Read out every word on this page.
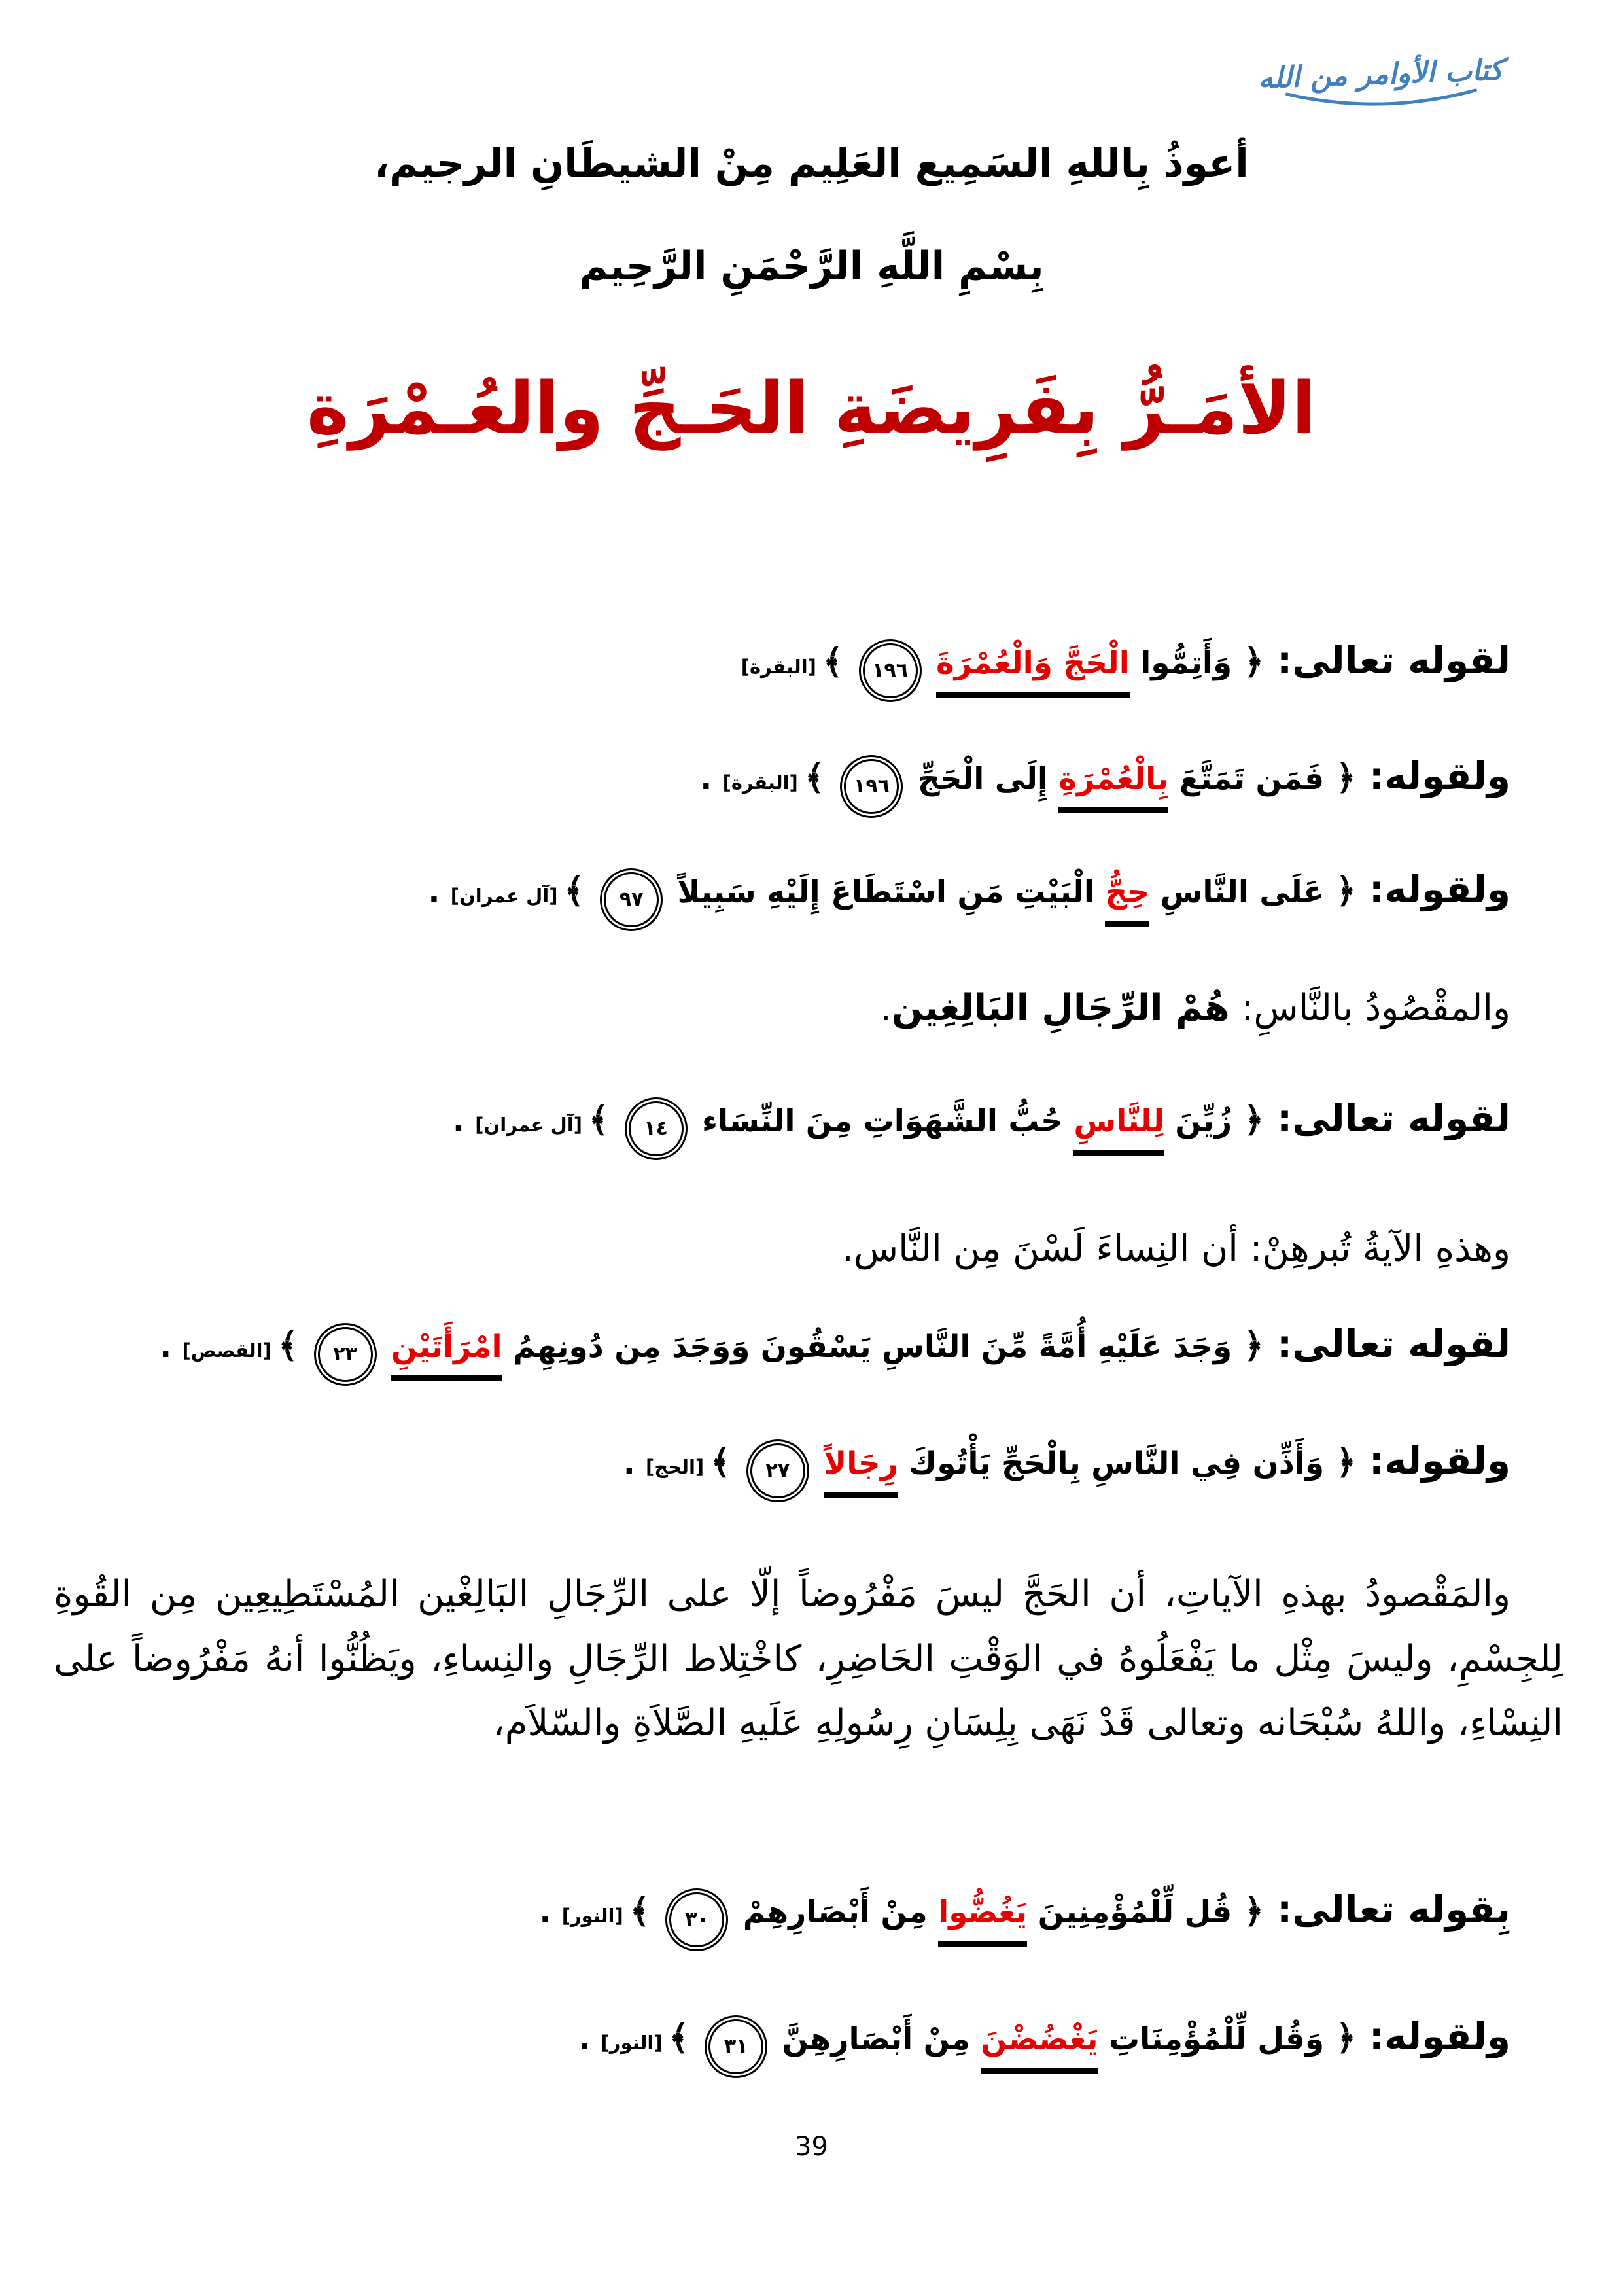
كتاب الأوامر من الله
أعوذُ بِاللهِ السَمِيع العَلِيم مِنْ الشيطَانِ الرجيم،
بِسْمِ اللَّهِ الرَّحْمَنِ الرَّحِيم
الأمَـرُّ بِفَرِيضَةِ الحَـجِّ والعُـمْرَةِ
لقوله تعالى: ﴿ وَأَتِمُّوا الْحَجَّ وَالْعُمْرَةَ ١٩٦ ﴾ [البقرة]
ولقوله: ﴿ فَمَن تَمَتَّعَ بِالْعُمْرَةِ إِلَى الْحَجِّ ١٩٦ ﴾ [البقرة] .
ولقوله: ﴿ عَلَى النَّاسِ حِجُّ الْبَيْتِ مَنِ اسْتَطَاعَ إِلَيْهِ سَبِيلاً ٩٧ ﴾ [آل عمران] .
والمقْصُودُ بالنَّاسِ: هُمْ الرِّجَالِ البَالِغِين.
لقوله تعالى: ﴿ زُيِّنَ لِلنَّاسِ حُبُّ الشَّهَوَاتِ مِنَ النِّسَاء ١٤ ﴾ [آل عمران] .
وهذهِ الآيةُ تُبرهِنْ: أن النِساءَ لَسْنَ مِن النَّاس.
لقوله تعالى: ﴿ وَجَدَ عَلَيْهِ أُمَّةً مِّنَ النَّاسِ يَسْقُونَ وَوَجَدَ مِن دُونِهِمُ امْرَأَتَيْنِ ٢٣ ﴾ [القصص] .
ولقوله: ﴿ وَأَذِّن فِي النَّاسِ بِالْحَجِّ يَأْتُوكَ رِجَالاً ٢٧ ﴾ [الحج] .
والمَقْصودُ بهذهِ الآياتِ، أن الحَجَّ ليسَ مَفْرُوضاً إلّا على الرِّجَالِ البَالِغْين المُسْتَطِيعِين مِن القُوةِ لِلجِسْمِ، وليسَ مِثْل ما يَفْعَلُوهُ في الوَقْتِ الحَاضِرِ، كاخْتِلاط الرِّجَالِ والنِساءِ، ويَظُنُّوا أنهُ مَفْرُوضاً على النِسْاءِ، واللهُ سُبْحَانه وتعالى قَدْ نَهَى بِلِسَانِ رِسُولِهِ عَلَيهِ الصَّلاَةِ والسّلاَم،
بِقوله تعالى: ﴿ قُل لِّلْمُؤْمِنِينَ يَغُضُّوا مِنْ أَبْصَارِهِمْ ٣٠ ﴾ [النور] .
ولقوله: ﴿ وَقُل لِّلْمُؤْمِنَاتِ يَغْضُضْنَ مِنْ أَبْصَارِهِنَّ ٣١ ﴾ [النور] .
39
